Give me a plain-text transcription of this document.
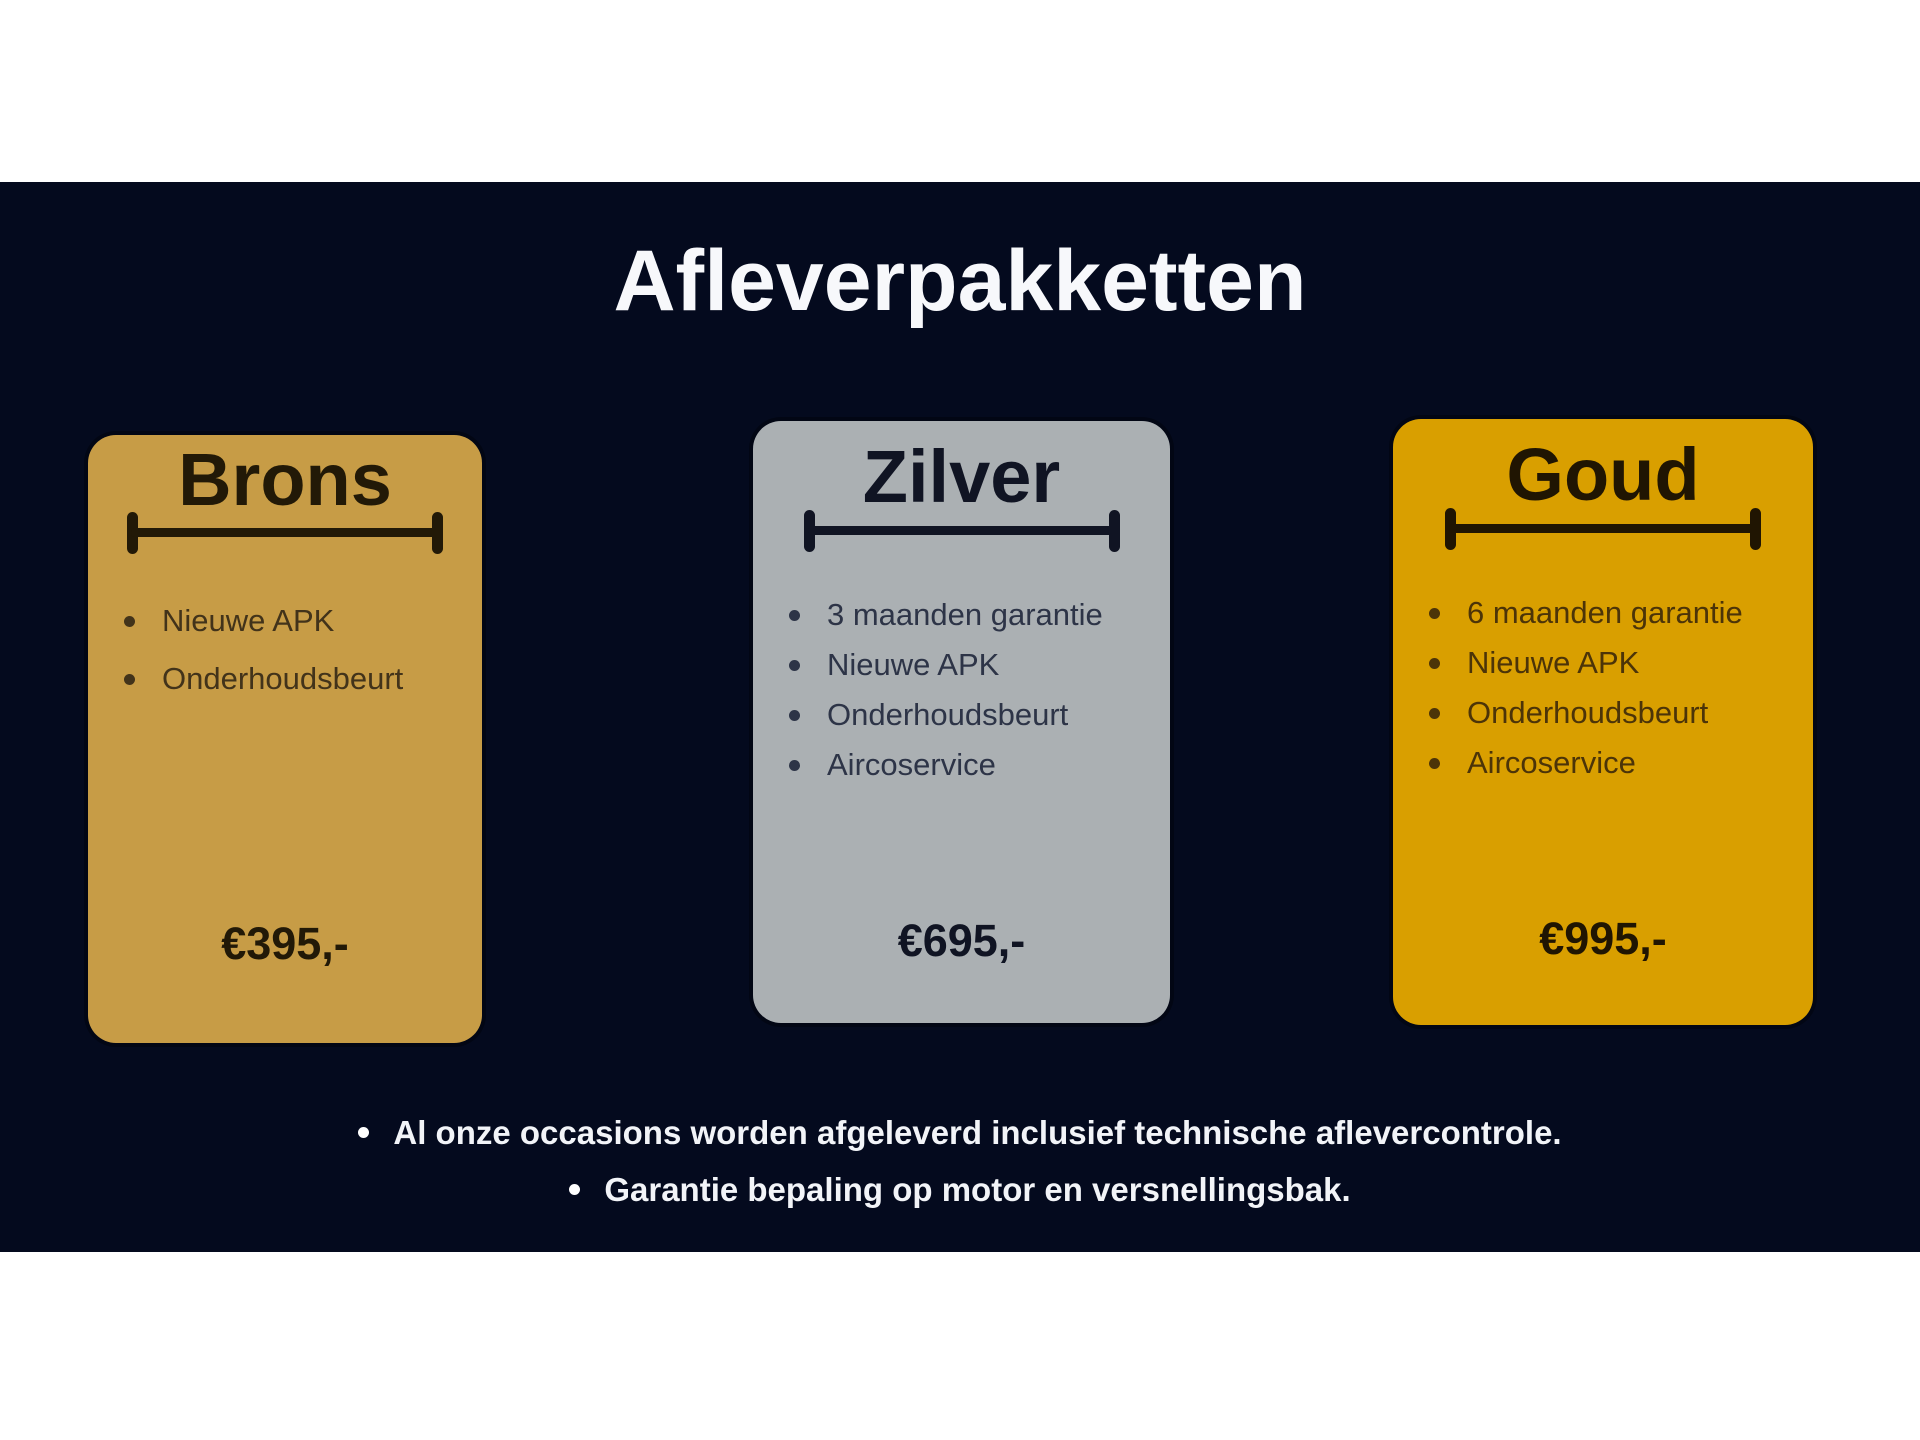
Afleverpakketten
Brons
Nieuwe APK
Onderhoudsbeurt
€395,-
Zilver
3 maanden garantie
Nieuwe APK
Onderhoudsbeurt
Aircoservice
€695,-
Goud
6 maanden garantie
Nieuwe APK
Onderhoudsbeurt
Aircoservice
€995,-
Al onze occasions worden afgeleverd inclusief technische aflevercontrole.
Garantie bepaling op motor en versnellingsbak.
